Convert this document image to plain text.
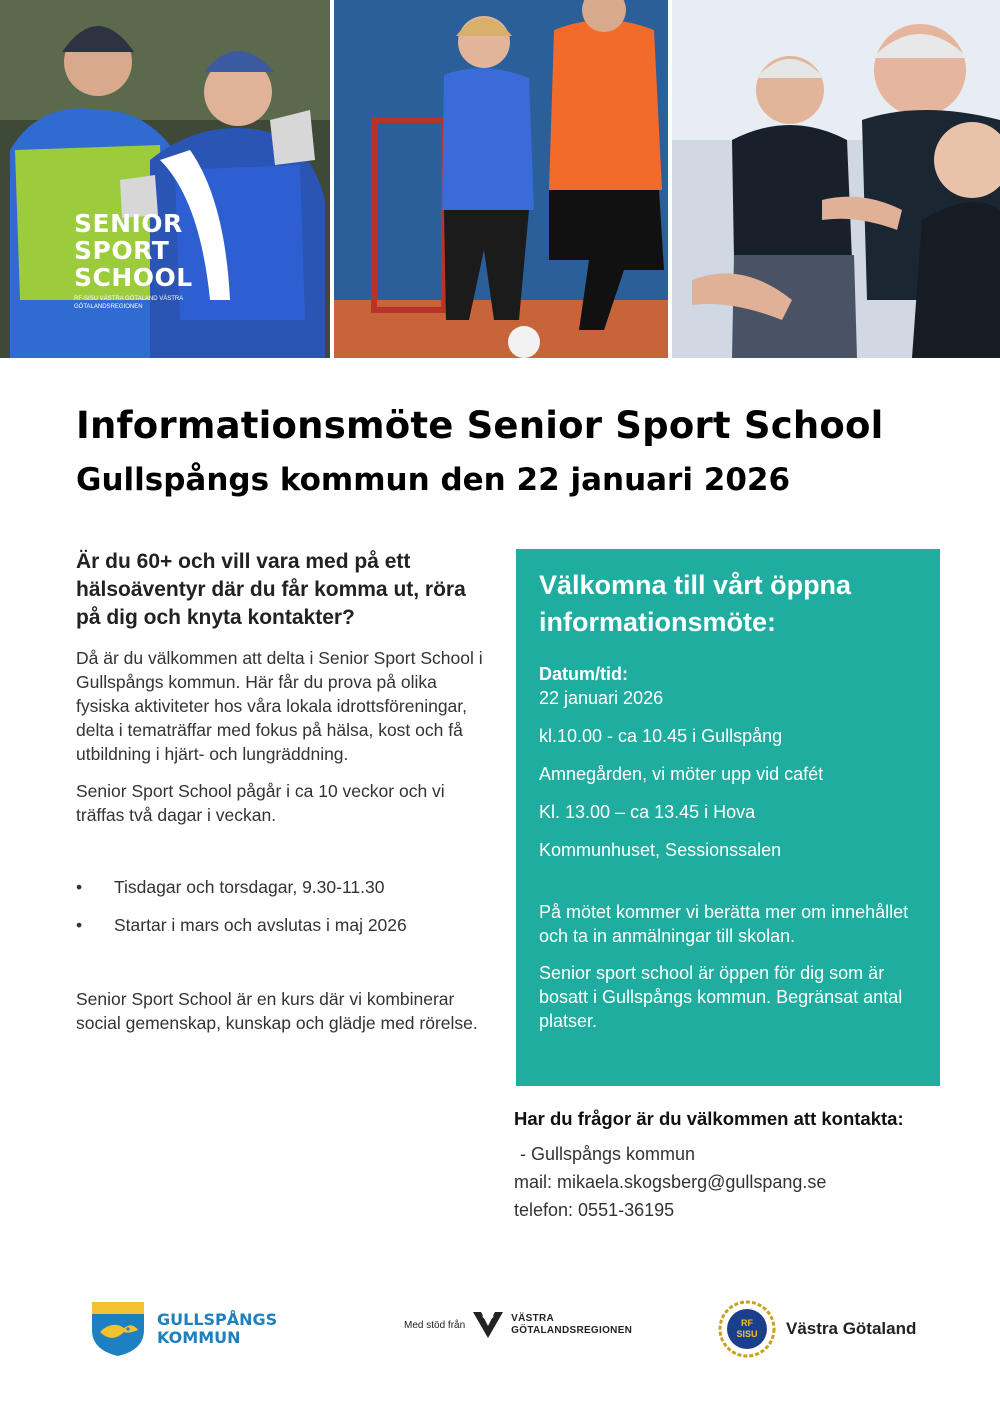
SENIOR
SPORT
SCHOOL
RF-SISU VÄSTRA GÖTALAND VÄSTRA GÖTALANDSREGIONEN
Informationsmöte Senior Sport School
Gullspångs kommun den 22 januari 2026

Är du 60+ och vill vara med på ett hälsoäventyr där du får komma ut, röra på dig och knyta kontakter?

Då är du välkommen att delta i Senior Sport School i Gullspångs kommun. Här får du prova på olika fysiska aktiviteter hos våra lokala idrottsföreningar, delta i tematräffar med fokus på hälsa, kost och få utbildning i hjärt- och lungräddning.

Senior Sport School pågår i ca 10 veckor och vi träffas två dagar i veckan.

• Tisdagar och torsdagar, 9.30-11.30
• Startar i mars och avslutas i maj 2026

Senior Sport School är en kurs där vi kombinerar social gemenskap, kunskap och glädje med rörelse.

Välkomna till vårt öppna informationsmöte:
Datum/tid:
22 januari 2026
kl.10.00 - ca 10.45 i Gullspång
Amnegården, vi möter upp vid cafét
Kl. 13.00 – ca 13.45 i Hova
Kommunhuset, Sessionssalen

På mötet kommer vi berätta mer om innehållet och ta in anmälningar till skolan.

Senior sport school är öppen för dig som är bosatt i Gullspångs kommun. Begränsat antal platser.

Har du frågor är du välkommen att kontakta:
- Gullspångs kommun
mail: mikaela.skogsberg@gullspang.se
telefon: 0551-36195
GULLSPÅNGS
KOMMUN
Med stöd från
VÄSTRA
GÖTALANDSREGIONEN
RF
SISU Västra Götaland
